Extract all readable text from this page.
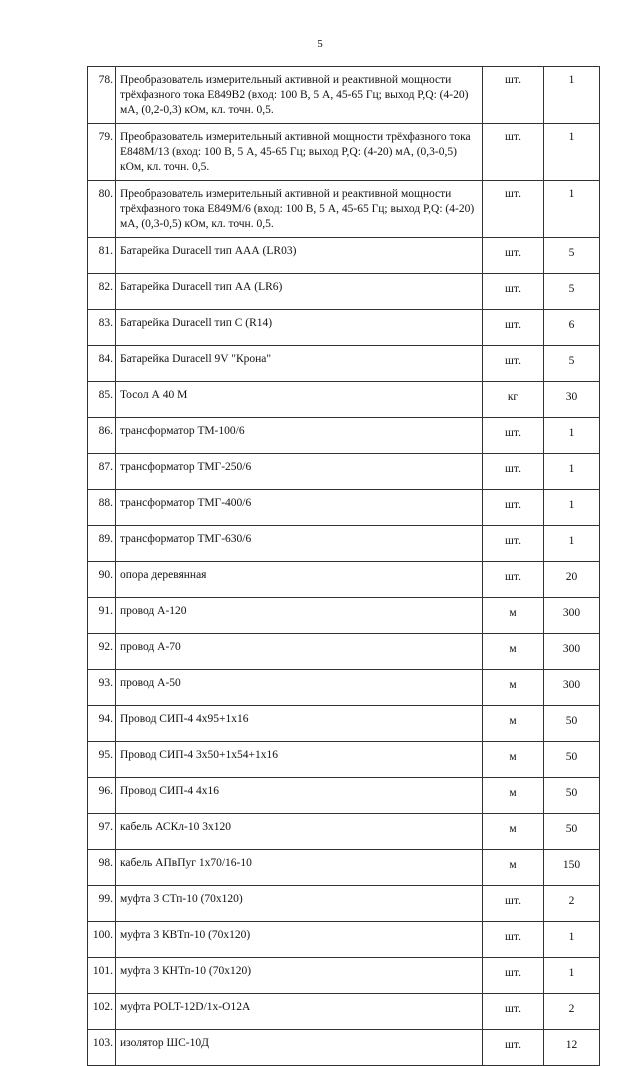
5
78.	Преобразователь измерительный активной и реактивной мощности трёхфазного тока Е849В2 (вход: 100 В, 5 А, 45-65 Гц; выход P,Q: (4-20) мА, (0,2-0,3) кОм, кл. точн. 0,5.	шт.	1
79.	Преобразователь измерительный активной мощности трёхфазного тока Е848М/13 (вход: 100 В, 5 А, 45-65 Гц; выход P,Q: (4-20) мА, (0,3-0,5) кОм, кл. точн. 0,5.	шт.	1
80.	Преобразователь измерительный активной и реактивной мощности трёхфазного тока Е849М/6 (вход: 100 В, 5 А, 45-65 Гц; выход P,Q: (4-20) мА, (0,3-0,5) кОм, кл. точн. 0,5.	шт.	1
81.	Батарейка Duracell тип ААА (LR03)	шт.	5
82.	Батарейка Duracell тип АА (LR6)	шт.	5
83.	Батарейка Duracell тип С (R14)	шт.	6
84.	Батарейка Duracell 9V "Крона"	шт.	5
85.	Тосол А 40 М	кг	30
86.	трансформатор ТМ-100/6	шт.	1
87.	трансформатор ТМГ-250/6	шт.	1
88.	трансформатор ТМГ-400/6	шт.	1
89.	трансформатор ТМГ-630/6	шт.	1
90.	опора деревянная	шт.	20
91.	провод А-120	м	300
92.	провод А-70	м	300
93.	провод А-50	м	300
94.	Провод СИП-4 4х95+1х16	м	50
95.	Провод СИП-4 3х50+1х54+1х16	м	50
96.	Провод СИП-4 4х16	м	50
97.	кабель АСКл-10 3х120	м	50
98.	кабель АПвПуг 1х70/16-10	м	150
99.	муфта 3 СТп-10 (70х120)	шт.	2
100.	муфта 3 КВТп-10 (70х120)	шт.	1
101.	муфта 3 КНТп-10 (70х120)	шт.	1
102.	муфта POLT-12D/1х-О12А	шт.	2
103.	изолятор ШС-10Д	шт.	12
